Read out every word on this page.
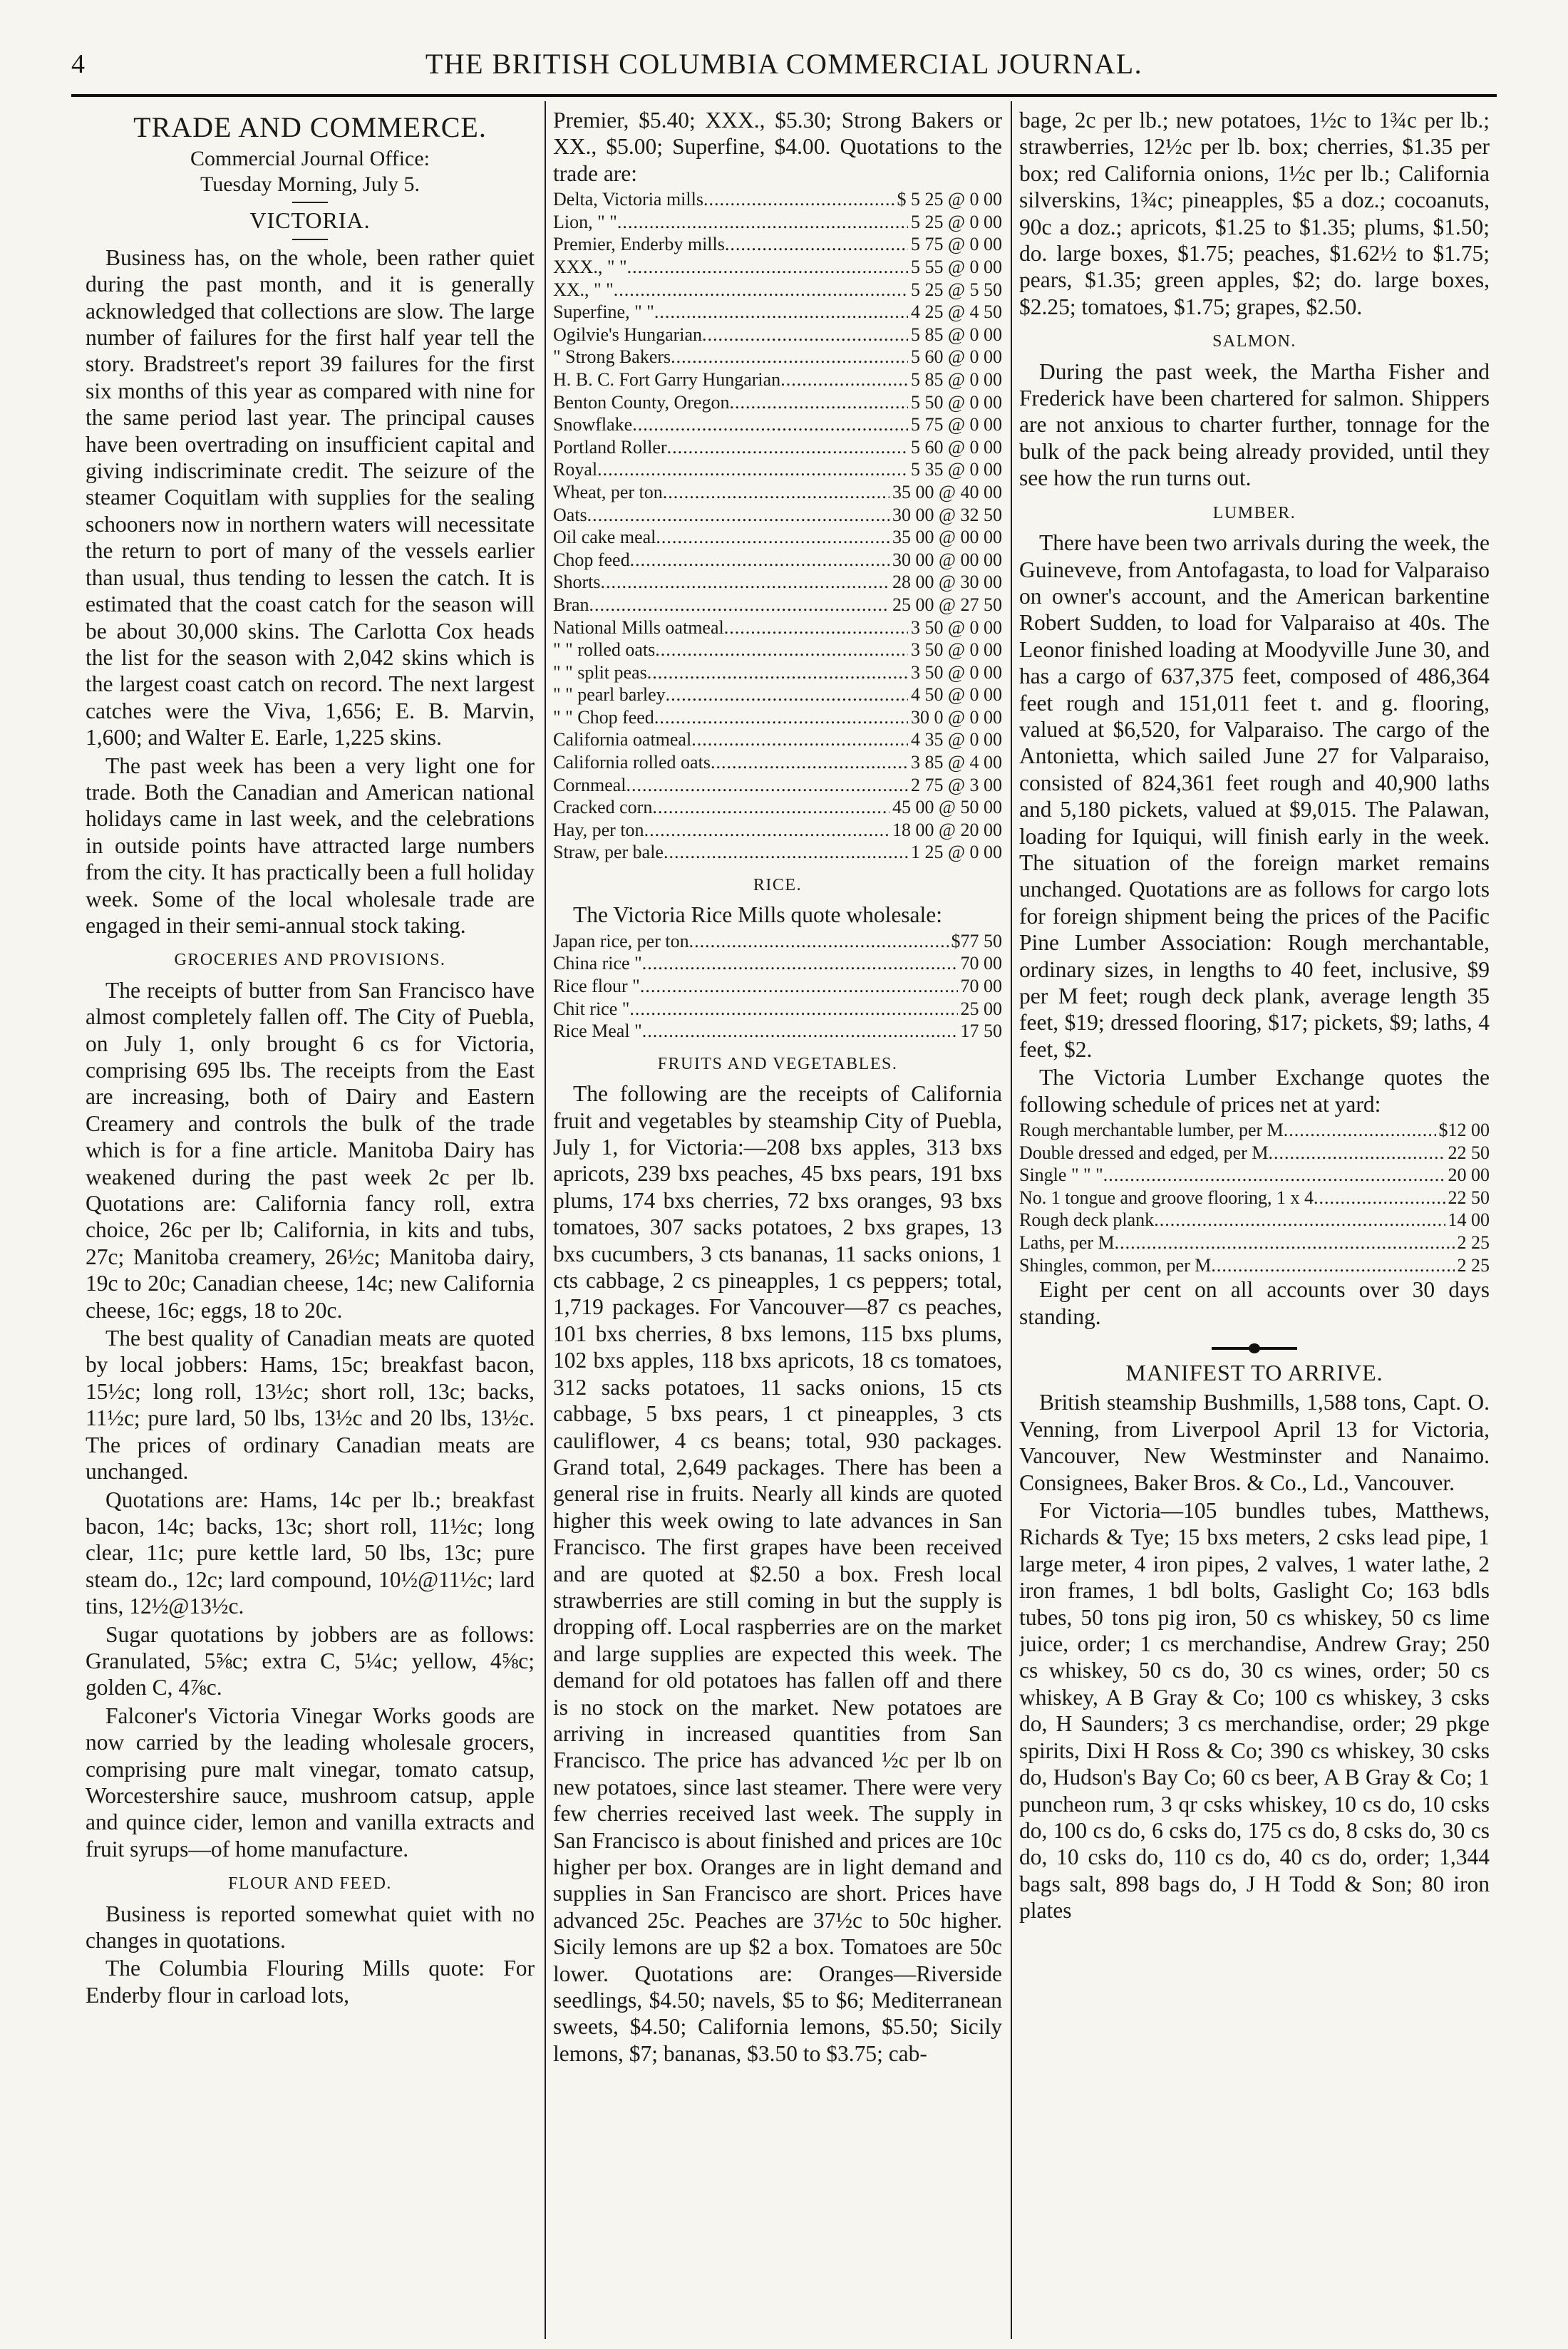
4	THE BRITISH COLUMBIA COMMERCIAL JOURNAL.
TRADE AND COMMERCE.
Commercial Journal Office:
Tuesday Morning, July 5.
VICTORIA.

Business has, on the whole, been rather quiet during the past month, and it is generally acknowledged that collections are slow. The large number of failures for the first half year tell the story. Bradstreet's report 39 failures for the first six months of this year as compared with nine for the same period last year. The principal causes have been overtrading on insufficient capital and giving indiscriminate credit. The seizure of the steamer Coquitlam with supplies for the sealing schooners now in northern waters will necessitate the return to port of many of the vessels earlier than usual, thus tending to lessen the catch. It is estimated that the coast catch for the season will be about 30,000 skins. The Carlotta Cox heads the list for the season with 2,042 skins which is the largest coast catch on record. The next largest catches were the Viva, 1,656; E. B. Marvin, 1,600; and Walter E. Earle, 1,225 skins.

The past week has been a very light one for trade. Both the Canadian and American national holidays came in last week, and the celebrations in outside points have attracted large numbers from the city. It has practically been a full holiday week. Some of the local wholesale trade are engaged in their semi-annual stock taking.

GROCERIES AND PROVISIONS.

The receipts of butter from San Francisco have almost completely fallen off. The City of Puebla, on July 1, only brought 6 cs for Victoria, comprising 695 lbs. The receipts from the East are increasing, both of Dairy and Eastern Creamery and controls the bulk of the trade which is for a fine article. Manitoba Dairy has weakened during the past week 2c per lb. Quotations are: California fancy roll, extra choice, 26c per lb; California, in kits and tubs, 27c; Manitoba creamery, 26½c; Manitoba dairy, 19c to 20c; Canadian cheese, 14c; new California cheese, 16c; eggs, 18 to 20c.

The best quality of Canadian meats are quoted by local jobbers: Hams, 15c; breakfast bacon, 15½c; long roll, 13½c; short roll, 13c; backs, 11½c; pure lard, 50 lbs, 13½c and 20 lbs, 13½c. The prices of ordinary Canadian meats are unchanged.

Quotations are: Hams, 14c per lb.; breakfast bacon, 14c; backs, 13c; short roll, 11½c; long clear, 11c; pure kettle lard, 50 lbs, 13c; pure steam do., 12c; lard compound, 10½@11½c; lard tins, 12½@13½c.

Sugar quotations by jobbers are as follows: Granulated, 5⅝c; extra C, 5¼c; yellow, 4⅝c; golden C, 4⅞c.

Falconer's Victoria Vinegar Works goods are now carried by the leading wholesale grocers, comprising pure malt vinegar, tomato catsup, Worcestershire sauce, mushroom catsup, apple and quince cider, lemon and vanilla extracts and fruit syrups—of home manufacture.

FLOUR AND FEED.

Business is reported somewhat quiet with no changes in quotations.

The Columbia Flouring Mills quote: For Enderby flour in carload lots,

Premier, $5.40; XXX., $5.30; Strong Bakers or XX., $5.00; Superfine, $4.00. Quotations to the trade are:

Delta, Victoria mills .....	$ 5 25 @ 0 00
Lion, " " .....	5 25 @ 0 00
Premier, Enderby mills .....	5 75 @ 0 00
XXX., " " .....	5 55 @ 0 00
XX., " " .....	5 25 @ 5 50
Superfine, " " .....	4 25 @ 4 50
Ogilvie's Hungarian .....	5 85 @ 0 00
" Strong Bakers .....	5 60 @ 0 00
H. B. C. Fort Garry Hungarian .....	5 85 @ 0 00
Benton County, Oregon .....	5 50 @ 0 00
Snowflake .....	5 75 @ 0 00
Portland Roller .....	5 60 @ 0 00
Royal .....	5 35 @ 0 00
Wheat, per ton .....	35 00 @ 40 00
Oats .....	30 00 @ 32 50
Oil cake meal .....	35 00 @ 00 00
Chop feed .....	30 00 @ 00 00
Shorts .....	28 00 @ 30 00
Bran .....	25 00 @ 27 50
National Mills oatmeal .....	3 50 @ 0 00
" " rolled oats .....	3 50 @ 0 00
" " split peas .....	3 50 @ 0 00
" " pearl barley .....	4 50 @ 0 00
" " Chop feed .....	30 0 @ 0 00
California oatmeal .....	4 35 @ 0 00
California rolled oats .....	3 85 @ 4 00
Cornmeal .....	2 75 @ 3 00
Cracked corn .....	45 00 @ 50 00
Hay, per ton .....	18 00 @ 20 00
Straw, per bale .....	1 25 @ 0 00
RICE.

The Victoria Rice Mills quote wholesale:

Japan rice, per ton .....	$77 50
China rice " .....	70 00
Rice flour " .....	70 00
Chit rice " .....	25 00
Rice Meal " .....	17 50
FRUITS AND VEGETABLES.

The following are the receipts of California fruit and vegetables by steamship City of Puebla, July 1, for Victoria:—208 bxs apples, 313 bxs apricots, 239 bxs peaches, 45 bxs pears, 191 bxs plums, 174 bxs cherries, 72 bxs oranges, 93 bxs tomatoes, 307 sacks potatoes, 2 bxs grapes, 13 bxs cucumbers, 3 cts bananas, 11 sacks onions, 1 cts cabbage, 2 cs pineapples, 1 cs peppers; total, 1,719 packages. For Vancouver—87 cs peaches, 101 bxs cherries, 8 bxs lemons, 115 bxs plums, 102 bxs apples, 118 bxs apricots, 18 cs tomatoes, 312 sacks potatoes, 11 sacks onions, 15 cts cabbage, 5 bxs pears, 1 ct pineapples, 3 cts cauliflower, 4 cs beans; total, 930 packages. Grand total, 2,649 packages. There has been a general rise in fruits. Nearly all kinds are quoted higher this week owing to late advances in San Francisco. The first grapes have been received and are quoted at $2.50 a box. Fresh local strawberries are still coming in but the supply is dropping off. Local raspberries are on the market and large supplies are expected this week. The demand for old potatoes has fallen off and there is no stock on the market. New potatoes are arriving in increased quantities from San Francisco. The price has advanced ½c per lb on new potatoes, since last steamer. There were very few cherries received last week. The supply in San Francisco is about finished and prices are 10c higher per box. Oranges are in light demand and supplies in San Francisco are short. Prices have advanced 25c. Peaches are 37½c to 50c higher. Sicily lemons are up $2 a box. Tomatoes are 50c lower. Quotations are: Oranges—Riverside seedlings, $4.50; navels, $5 to $6; Mediterranean sweets, $4.50; California lemons, $5.50; Sicily lemons, $7; bananas, $3.50 to $3.75; cab-

bage, 2c per lb.; new potatoes, 1½c to 1¾c per lb.; strawberries, 12½c per lb. box; cherries, $1.35 per box; red California onions, 1½c per lb.; California silverskins, 1¾c; pineapples, $5 a doz.; cocoanuts, 90c a doz.; apricots, $1.25 to $1.35; plums, $1.50; do. large boxes, $1.75; peaches, $1.62½ to $1.75; pears, $1.35; green apples, $2; do. large boxes, $2.25; tomatoes, $1.75; grapes, $2.50.

SALMON.

During the past week, the Martha Fisher and Frederick have been chartered for salmon. Shippers are not anxious to charter further, tonnage for the bulk of the pack being already provided, until they see how the run turns out.

LUMBER.

There have been two arrivals during the week, the Guineveve, from Antofagasta, to load for Valparaiso on owner's account, and the American barkentine Robert Sudden, to load for Valparaiso at 40s. The Leonor finished loading at Moodyville June 30, and has a cargo of 637,375 feet, composed of 486,364 feet rough and 151,011 feet t. and g. flooring, valued at $6,520, for Valparaiso. The cargo of the Antonietta, which sailed June 27 for Valparaiso, consisted of 824,361 feet rough and 40,900 laths and 5,180 pickets, valued at $9,015. The Palawan, loading for Iquiqui, will finish early in the week. The situation of the foreign market remains unchanged. Quotations are as follows for cargo lots for foreign shipment being the prices of the Pacific Pine Lumber Association: Rough merchantable, ordinary sizes, in lengths to 40 feet, inclusive, $9 per M feet; rough deck plank, average length 35 feet, $19; dressed flooring, $17; pickets, $9; laths, 4 feet, $2.

The Victoria Lumber Exchange quotes the following schedule of prices net at yard:

Rough merchantable lumber, per M .....	$12 00
Double dressed and edged, per M .....	22 50
Single " " " .....	20 00
No. 1 tongue and groove flooring, 1 x 4 .....	22 50
Rough deck plank .....	14 00
Laths, per M .....	2 25
Shingles, common, per M .....	2 25

Eight per cent on all accounts over 30 days standing.

MANIFEST TO ARRIVE.

British steamship Bushmills, 1,588 tons, Capt. O. Venning, from Liverpool April 13 for Victoria, Vancouver, New Westminster and Nanaimo. Consignees, Baker Bros. & Co., Ld., Vancouver.

For Victoria—105 bundles tubes, Matthews, Richards & Tye; 15 bxs meters, 2 csks lead pipe, 1 large meter, 4 iron pipes, 2 valves, 1 water lathe, 2 iron frames, 1 bdl bolts, Gaslight Co; 163 bdls tubes, 50 tons pig iron, 50 cs whiskey, 50 cs lime juice, order; 1 cs merchandise, Andrew Gray; 250 cs whiskey, 50 cs do, 30 cs wines, order; 50 cs whiskey, A B Gray & Co; 100 cs whiskey, 3 csks do, H Saunders; 3 cs merchandise, order; 29 pkge spirits, Dixi H Ross & Co; 390 cs whiskey, 30 csks do, Hudson's Bay Co; 60 cs beer, A B Gray & Co; 1 puncheon rum, 3 qr csks whiskey, 10 cs do, 10 csks do, 100 cs do, 6 csks do, 175 cs do, 8 csks do, 30 cs do, 10 csks do, 110 cs do, 40 cs do, order; 1,344 bags salt, 898 bags do, J H Todd & Son; 80 iron plates
